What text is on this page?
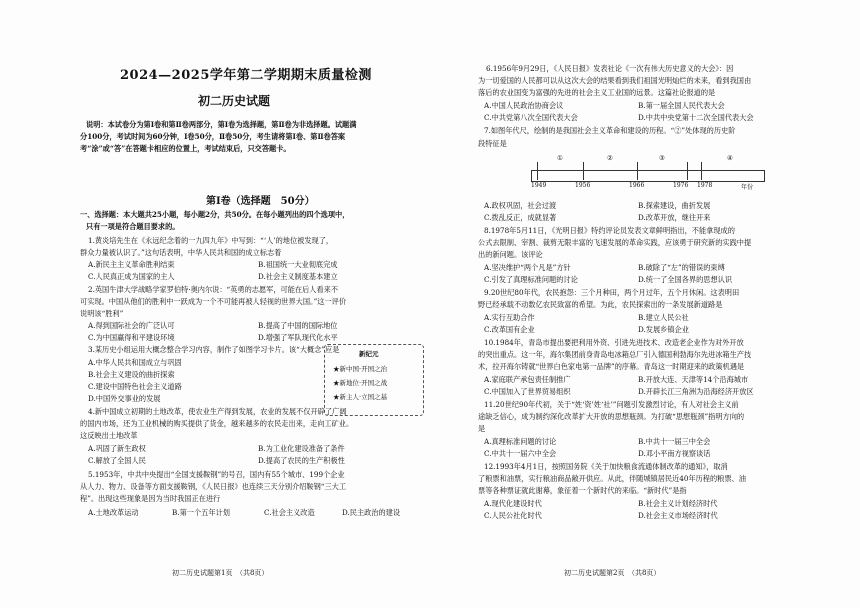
2024—2025学年第二学期期末质量检测
初二历史试题
说明：本试卷分为第Ⅰ卷和第Ⅱ卷两部分，第Ⅰ卷为选择题，第Ⅱ卷为非选择题。试题满
分100分，考试时间为60分钟，Ⅰ卷50分，Ⅱ卷50分，考生请将第Ⅰ卷、第Ⅱ卷答案
考“涂”或“答”在答题卡相应的位置上，考试结束后，只交答题卡。
第Ⅰ卷（选择题　50分）
一、选择题：本大题共25小题，每小题2分，共50分。在每小题列出的四个选项中，
只有一项是符合题目要求的。
1.黄炎培先生在《永远纪念着的一九四九年》中写到：“‘人’的地位被发现了，
群众力量被认识了。”这句话表明，中华人民共和国的成立标志着
A.新民主主义革命胜利结束	B.祖国统一大业彻底完成
C.人民真正成为国家的主人	D.社会主义制度基本建立
2.英国牛津大学战略学家罗伯特·奥内尔说：“英勇的志愿军，可能在后人看来不
可实现。中国从他们的胜利中一跃成为一个不可能再被人轻视的世界大国。”这一评价
说明该“胜利”
A.得到国际社会的广泛认可	B.提高了中国的国际地位
C.为中国赢得和平建设环境	D.增强了军队现代化水平
3.某历史小组运用大概念整合学习内容，制作了如图学习卡片。该“大概念”应是
A.中华人民共和国成立与巩固
B.社会主义建设的曲折探索
C.建设中国特色社会主义道路
D.中国外交事业的发展
新纪元
★新中国·开国之治
★新地位·开国之战
★新主人·立国之基
4.新中国成立初期的土地改革，使农业生产得到发展，农业的发展不仅开辟了广阔
的国内市场，还为工业机械的购买提供了货金，越来越多的农民走出来，走向工矿业。
这反映出土地改革
A.巩固了新生政权	B.为工业化建设准备了条件
C.解放了全国人民	D.提高了农民的生产积极性
5.1953年，中共中央提出“全国支援鞍钢”的号召，国内有55个城市、199个企业
从人力、物力、设备等方面支援鞍钢，《人民日报》也连续三天分别介绍鞍钢“三大工
程”。出现这些现象是因为当时我国正在进行
A.土地改革运动	B.第一个五年计划	C.社会主义改造	D.民主政治的建设
初二历史试题第1页　（共8页）
6.1956年9月29日，《人民日报》发表社论《一次有伟大历史意义的大会》：因
为一切爱国的人民都可以从这次大会的结果看到我们祖国光明灿烂的未来，看到我国由
落后的农业国变为富强的先进的社会主义工业国的远景。这篇社论报道的是
A.中国人民政治协商会议	B.第一届全国人民代表大会
C.中共党第八次全国代表大会	D.中共中央党第十二次全国代表大会
7.如图年代尺，绘制的是我国社会主义革命和建设的历程。“②”处体现的历史阶
段特征是
①	②	③	④
1949	1956	1966	1976 1978	年份
A.政权巩固，社会过渡	B.探索建设，曲折发展
C.拨乱反正，成就显著	D.改革开放，继往开来
8.1978年5月11日，《光明日报》特约评论员发表文章鲜明指出，不能拿现成的
公式去限制、宰割、裁剪无限丰富的飞速发展的革命实践，应该勇于研究新的实践中提
出的新问题。该评论
A.坚决维护“两个凡是”方针	B.破除了“左”的错误的束缚
C.引发了真理标准问题的讨论	D.统一了全国各界的思想认识
9.20世纪80年代，农民抱怨：三个月种田，两个月过年，五个月休闲。这表明田
野已经承载不动数亿农民致富的希望。为此，农民探索出的一条发展新道路是
A.实行互助合作	B.建立人民公社
C.改革国有企业	D.发展乡镇企业
10.1984年，青岛市提出要把利用外资、引进先进技术、改造老企业作为对外开放
的突出重点。这一年，海尔集团前身青岛电冰箱总厂引入德国利勃海尔先进冰箱生产技
术，拉开海尔铸就“世界白色家电第一品牌”的序幕。青岛这一时期迎来的政策机遇是
A.家庭联产承包责任制推广	B.开放大连、天津等14个沿海城市
C.中国加入了世界贸易组织	D.开辟长江三角洲为沿海经济开放区
11.20世纪90年代初，关于“姓‘资’姓‘社’”问题引发激烈讨论，有人对社会主义前
途缺乏信心，成为制约深化改革扩大开放的思想瓶颈。为打破“思想瓶颈”指明方向的
是
A.真理标准问题的讨论	B.中共十一届三中全会
C.中共十一届六中全会	D.邓小平南方视察谈话
12.1993年4月1日，按照国务院《关于加快粮食流通体制改革的通知》，取消
了粮票和油票，实行粮油商品敞开供应。从此，伴随城镇居民近40年历程的粮票、油
票等各种票证就此谢幕，象征着一个新时代的来临。“新时代”是指
A.现代化建设时代	B.社会主义计划经济时代
C.人民公社化时代	D.社会主义市场经济时代
初二历史试题第2页　（共8页）
